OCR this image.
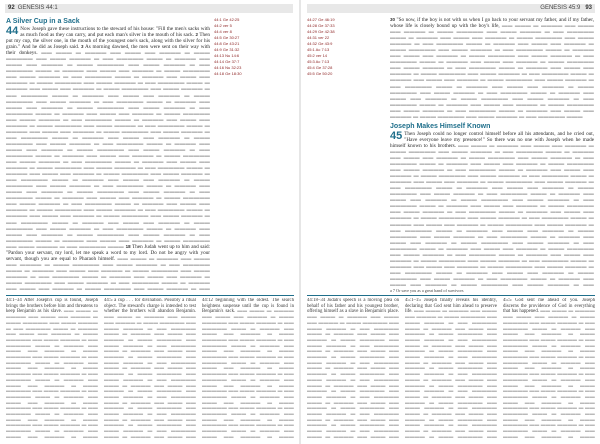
92 GENESIS 44:1
A Silver Cup in a Sack
44 Now Joseph gave these instructions to the steward of his house: "Fill the men's sacks with as much food as they can carry, and put each man's silver in the mouth of his sack. 2 Then put my cup, the silver one, in the mouth of the youngest one's sack, along with the silver for his grain." And he did as Joseph said. 3 As morning dawned, the men were sent on their way with their donkeys. ▬▬ ▬▬▬ ▬ ▬▬▬▬ ▬▬ ▬▬▬ ▬▬ ▬▬▬▬ ▬ ▬▬▬ ▬▬▬▬▬ ▬▬ ▬▬▬ ▬▬▬▬ ▬ ▬▬ ▬▬▬▬▬ ▬▬▬ ▬ ▬▬▬▬ ▬▬ ▬▬▬ ▬▬ ▬▬▬▬ ▬ ▬▬▬ ▬▬▬▬▬ ▬▬ ▬▬▬ ▬▬▬▬ ▬ ▬▬ ▬▬▬▬▬ ▬▬▬ ▬ ▬▬▬▬ ▬▬ ▬▬▬ ▬▬ ▬▬▬▬ ▬ ▬▬▬ ▬▬▬▬▬ ▬▬ ▬▬▬ ▬▬▬▬ ▬ ▬▬ ▬▬▬▬▬ ▬▬▬ ▬ ▬▬▬▬ ▬▬ ▬▬▬ ▬▬ ▬▬▬▬ ▬ ▬▬▬ ▬▬▬▬▬ ▬▬ ▬▬▬ ▬▬▬▬ ▬ ▬▬ ▬▬▬▬▬ ▬▬▬ ▬ ▬▬▬▬ ▬▬ ▬▬▬ ▬▬ ▬▬▬▬ ▬ ▬▬▬ ▬▬▬▬▬ ▬▬ ▬▬▬ ▬▬▬▬ ▬ ▬▬ ▬▬▬▬▬ ▬▬▬ ▬ ▬▬▬▬ ▬▬ ▬▬▬ ▬▬ ▬▬▬▬ ▬ ▬▬▬ ▬▬▬▬▬ ▬▬ ▬▬▬ ▬▬▬▬ ▬ ▬▬ ▬▬▬▬▬ ▬▬▬ ▬ ▬▬▬▬ ▬▬ ▬▬▬ ▬▬ ▬▬▬▬ ▬ ▬▬▬ ▬▬▬▬▬ ▬▬ ▬▬▬ ▬▬▬▬ ▬ ▬▬ ▬▬▬▬▬ ▬▬▬ ▬ ▬▬▬▬ ▬▬ ▬▬▬ ▬▬ ▬▬▬▬ ▬ ▬▬▬ ▬▬▬▬▬ ▬▬ ▬▬▬ ▬▬▬▬ ▬ ▬▬ ▬▬▬▬▬ ▬▬▬ ▬ ▬▬▬▬ ▬▬ ▬▬▬ ▬▬ ▬▬▬▬ ▬ ▬▬▬ ▬▬▬▬▬ ▬▬ ▬▬▬ ▬▬▬▬ ▬ ▬▬ ▬▬▬▬▬ ▬▬▬ ▬ ▬▬▬▬ ▬▬ ▬▬▬ ▬▬ ▬▬▬▬ ▬ ▬▬▬ ▬▬▬▬▬ ▬▬ ▬▬▬ ▬▬▬▬ ▬ ▬▬ ▬▬▬▬▬ ▬▬▬ ▬ ▬▬▬▬ ▬▬ ▬▬▬ ▬▬ ▬▬▬▬ ▬ ▬▬▬ ▬▬▬▬▬ ▬▬ ▬▬▬ ▬▬▬▬ ▬ ▬▬ ▬▬▬▬▬ ▬▬▬ ▬ ▬▬▬▬ ▬▬ ▬▬▬ ▬▬ ▬▬▬▬ ▬ ▬▬▬ ▬▬▬▬▬ ▬▬ ▬▬▬ ▬▬▬▬ ▬ ▬▬ ▬▬▬▬▬ ▬▬▬ ▬ ▬▬▬▬ ▬▬ ▬▬▬ ▬▬ ▬▬▬▬ ▬ ▬▬▬ ▬▬▬▬▬ ▬▬ ▬▬▬ ▬▬▬▬ ▬ ▬▬ ▬▬▬▬▬ ▬▬▬ ▬ ▬▬▬▬ ▬▬ ▬▬▬ ▬▬ ▬▬▬▬ ▬ ▬▬▬ ▬▬▬▬▬ ▬▬ ▬▬▬ ▬▬▬▬ ▬ ▬▬ ▬▬▬▬▬ ▬▬▬ ▬ ▬▬▬▬ ▬▬ ▬▬▬ ▬▬ ▬▬▬▬ ▬ ▬▬▬ ▬▬▬▬▬ ▬▬ ▬▬▬ ▬▬▬▬ ▬ ▬▬ ▬▬▬▬▬ ▬▬▬ ▬ ▬▬▬▬ ▬▬ ▬▬▬ ▬▬ ▬▬▬▬ ▬ ▬▬▬ ▬▬▬▬▬ ▬▬ ▬▬▬ ▬▬▬▬ ▬ ▬▬ ▬▬▬▬▬ ▬▬▬ ▬ ▬▬▬▬ ▬▬ ▬▬▬ ▬▬ ▬▬▬▬ ▬ ▬▬▬ ▬▬▬▬▬ ▬▬ ▬▬▬ ▬▬▬▬ ▬ ▬▬ ▬▬▬▬▬ ▬▬▬ ▬ ▬▬▬▬ ▬▬ ▬▬▬ ▬▬ ▬▬▬▬ ▬ ▬▬▬ ▬▬▬▬▬ ▬▬ ▬▬▬ ▬▬▬▬ ▬ ▬▬ ▬▬▬▬▬ ▬▬▬ ▬ ▬▬▬▬ ▬▬ ▬▬▬ ▬▬ ▬▬▬▬ ▬ ▬▬▬ ▬▬▬▬▬ ▬▬ ▬▬▬ ▬▬▬▬ ▬ ▬▬ ▬▬▬▬▬ ▬▬▬ ▬ ▬▬▬▬ ▬▬ ▬▬▬ ▬▬ ▬▬▬▬ ▬ ▬▬▬ ▬▬▬▬▬ ▬▬ ▬▬▬ ▬▬▬▬ ▬ ▬▬ ▬▬▬▬▬ ▬▬▬ ▬ ▬▬▬▬ ▬▬ ▬▬▬ ▬▬ ▬▬▬▬ ▬ ▬▬▬ ▬▬▬▬▬ ▬▬ ▬▬▬ ▬▬▬▬ ▬ ▬▬ ▬▬▬▬▬ ▬▬▬ ▬ ▬▬▬▬ ▬▬ ▬▬▬ ▬▬ ▬▬▬▬ ▬ ▬▬▬ ▬▬▬▬▬ ▬▬ ▬▬▬ ▬▬▬▬ ▬ ▬▬ ▬▬▬▬▬ ▬▬▬ ▬ ▬▬▬▬ ▬▬ ▬▬▬ ▬▬ ▬▬▬▬ ▬ ▬▬▬ ▬▬▬▬▬ ▬▬ ▬▬▬ ▬▬▬▬ ▬ ▬▬ ▬▬▬▬▬ ▬▬▬ 18 Then Judah went up to him and said: "Pardon your servant, my lord, let me speak a word to my lord. Do not be angry with your servant, though you are equal to Pharaoh himself. ▬▬ ▬▬▬ ▬ ▬▬▬▬ ▬▬ ▬▬▬ ▬▬ ▬▬▬▬ ▬ ▬▬▬ ▬▬▬▬▬ ▬▬ ▬▬▬ ▬▬▬▬ ▬ ▬▬ ▬▬▬▬▬ ▬▬▬ ▬ ▬▬▬▬ ▬▬ ▬▬▬ ▬▬ ▬▬▬▬ ▬ ▬▬▬ ▬▬▬▬▬ ▬▬ ▬▬▬ ▬▬▬▬ ▬ ▬▬ ▬▬▬▬▬ ▬▬▬ ▬ ▬▬▬▬ ▬▬ ▬▬▬ ▬▬ ▬▬▬▬ ▬ ▬▬▬ ▬▬▬▬▬ ▬▬ ▬▬▬ ▬▬▬▬ ▬ ▬▬ ▬▬▬▬▬ ▬▬▬ ▬ ▬▬▬▬ ▬▬ ▬▬▬ ▬▬ ▬▬▬▬ ▬ ▬▬▬ ▬▬▬▬▬ ▬▬ ▬▬▬ ▬▬▬▬ ▬ ▬▬
44:1 Ge 42:25
44:2 ver 5
44:4 ver 8
44:5 Ge 30:27
44:8 Ge 43:21
44:9 Ge 31:32
44:13 Nu 14:6
44:14 Ge 37:7
44:16 Nu 32:23
44:18 Ge 18:30
44:1–34 After Joseph's cup is found, Joseph brings the brothers before him and threatens to keep Benjamin as his slave. ▬▬ ▬▬▬ ▬ ▬▬▬▬ ▬▬ ▬▬▬ ▬▬ ▬▬▬▬ ▬ ▬▬▬ ▬▬▬▬▬ ▬▬ ▬▬▬ ▬▬▬▬ ▬ ▬▬ ▬▬▬▬▬ ▬▬▬ ▬ ▬▬▬▬ ▬▬ ▬▬▬ ▬▬ ▬▬▬▬ ▬ ▬▬▬ ▬▬▬▬▬ ▬▬ ▬▬▬ ▬▬▬▬ ▬ ▬▬ ▬▬▬▬▬ ▬▬▬ ▬ ▬▬▬▬ ▬▬ ▬▬▬ ▬▬ ▬▬▬▬ ▬ ▬▬▬ ▬▬▬▬▬ ▬▬ ▬▬▬ ▬▬▬▬ ▬ ▬▬ ▬▬▬▬▬ ▬▬▬ ▬ ▬▬▬▬ ▬▬ ▬▬▬ ▬▬ ▬▬▬▬ ▬ ▬▬▬ ▬▬▬▬▬ ▬▬ ▬▬▬ ▬▬▬▬ ▬ ▬▬ ▬▬▬▬▬ ▬▬▬ ▬ ▬▬▬▬ ▬▬ ▬▬▬ ▬▬ ▬▬▬▬ ▬ ▬▬▬ ▬▬▬▬▬ ▬▬ ▬▬▬ ▬▬▬▬ ▬ ▬▬ ▬▬▬▬▬ ▬▬▬ ▬ ▬▬▬▬ ▬▬ ▬▬▬ ▬▬ ▬▬▬▬ ▬ ▬▬▬ ▬▬▬▬▬ ▬▬ ▬▬▬ ▬▬▬▬ ▬ ▬▬ ▬▬▬▬▬ ▬▬▬ ▬ ▬▬▬▬ ▬▬ ▬▬▬ ▬▬ ▬▬▬▬ ▬ ▬▬▬ ▬▬▬▬▬ ▬▬ ▬▬▬ ▬▬▬▬ ▬ ▬▬ ▬▬▬▬▬ ▬▬▬ ▬ ▬▬▬▬ ▬▬ ▬▬▬ ▬▬ ▬▬▬▬ ▬ ▬▬▬
44:5 a cup . . . for divination. Possibly a ritual object. The steward's charge is intended to test whether the brothers will abandon Benjamin. ▬▬ ▬▬▬ ▬ ▬▬▬▬ ▬▬ ▬▬▬ ▬▬ ▬▬▬▬ ▬ ▬▬▬ ▬▬▬▬▬ ▬▬ ▬▬▬ ▬▬▬▬ ▬ ▬▬ ▬▬▬▬▬ ▬▬▬ ▬ ▬▬▬▬ ▬▬ ▬▬▬ ▬▬ ▬▬▬▬ ▬ ▬▬▬ ▬▬▬▬▬ ▬▬ ▬▬▬ ▬▬▬▬ ▬ ▬▬ ▬▬▬▬▬ ▬▬▬ ▬ ▬▬▬▬ ▬▬ ▬▬▬ ▬▬ ▬▬▬▬ ▬ ▬▬▬ ▬▬▬▬▬ ▬▬ ▬▬▬ ▬▬▬▬ ▬ ▬▬ ▬▬▬▬▬ ▬▬▬ ▬ ▬▬▬▬ ▬▬ ▬▬▬ ▬▬ ▬▬▬▬ ▬ ▬▬▬ ▬▬▬▬▬ ▬▬ ▬▬▬ ▬▬▬▬ ▬ ▬▬ ▬▬▬▬▬ ▬▬▬ ▬ ▬▬▬▬ ▬▬ ▬▬▬ ▬▬ ▬▬▬▬ ▬ ▬▬▬ ▬▬▬▬▬ ▬▬ ▬▬▬ ▬▬▬▬ ▬ ▬▬ ▬▬▬▬▬ ▬▬▬ ▬ ▬▬▬▬ ▬▬ ▬▬▬ ▬▬ ▬▬▬▬ ▬ ▬▬▬ ▬▬▬▬▬ ▬▬ ▬▬▬ ▬▬▬▬ ▬ ▬▬ ▬▬▬▬▬ ▬▬▬ ▬ ▬▬▬▬ ▬▬ ▬▬▬ ▬▬ ▬▬▬▬ ▬ ▬▬▬ ▬▬▬▬▬ ▬▬ ▬▬▬ ▬▬▬▬ ▬ ▬▬ ▬▬▬▬▬ ▬▬▬ ▬ ▬▬▬▬ ▬▬ ▬▬▬ ▬▬
44:12 beginning with the oldest. The search heightens suspense until the cup is found in Benjamin's sack. ▬▬ ▬▬▬ ▬ ▬▬▬▬ ▬▬ ▬▬▬ ▬▬ ▬▬▬▬ ▬ ▬▬▬ ▬▬▬▬▬ ▬▬ ▬▬▬ ▬▬▬▬ ▬ ▬▬ ▬▬▬▬▬ ▬▬▬ ▬ ▬▬▬▬ ▬▬ ▬▬▬ ▬▬ ▬▬▬▬ ▬ ▬▬▬ ▬▬▬▬▬ ▬▬ ▬▬▬ ▬▬▬▬ ▬ ▬▬ ▬▬▬▬▬ ▬▬▬ ▬ ▬▬▬▬ ▬▬ ▬▬▬ ▬▬ ▬▬▬▬ ▬ ▬▬▬ ▬▬▬▬▬ ▬▬ ▬▬▬ ▬▬▬▬ ▬ ▬▬ ▬▬▬▬▬ ▬▬▬ ▬ ▬▬▬▬ ▬▬ ▬▬▬ ▬▬ ▬▬▬▬ ▬ ▬▬▬ ▬▬▬▬▬ ▬▬ ▬▬▬ ▬▬▬▬ ▬ ▬▬ ▬▬▬▬▬ ▬▬▬ ▬ ▬▬▬▬ ▬▬ ▬▬▬ ▬▬ ▬▬▬▬ ▬ ▬▬▬ ▬▬▬▬▬ ▬▬ ▬▬▬ ▬▬▬▬ ▬ ▬▬ ▬▬▬▬▬ ▬▬▬ ▬ ▬▬▬▬ ▬▬ ▬▬▬ ▬▬ ▬▬▬▬ ▬ ▬▬▬ ▬▬▬▬▬ ▬▬ ▬▬▬ ▬▬▬▬ ▬ ▬▬ ▬▬▬▬▬ ▬▬▬ ▬ ▬▬▬▬ ▬▬ ▬▬▬ ▬▬ ▬▬▬▬ ▬ ▬▬▬ ▬▬▬▬▬ ▬▬ ▬▬▬ ▬▬▬▬ ▬ ▬▬ ▬▬▬▬▬ ▬▬▬ ▬ ▬▬▬▬ ▬▬ ▬▬▬ ▬▬ ▬▬▬▬ ▬ ▬▬▬
93
GENESIS 45:9
44:27 Ge 46:19
44:28 Ge 37:33
44:29 Ge 42:38
44:31 ver 22
44:32 Ge 43:9
45:1 Ac 7:13
45:2 ver 14
45:3 Ac 7:13
45:4 Ge 37:28
45:5 Ge 50:20
30 "So now, if the boy is not with us when I go back to your servant my father, and if my father, whose life is closely bound up with the boy's life, ▬▬ ▬▬▬ ▬ ▬▬▬▬ ▬▬ ▬▬▬ ▬▬ ▬▬▬▬ ▬ ▬▬▬ ▬▬▬▬▬ ▬▬ ▬▬▬ ▬▬▬▬ ▬ ▬▬ ▬▬▬▬▬ ▬▬▬ ▬ ▬▬▬▬ ▬▬ ▬▬▬ ▬▬ ▬▬▬▬ ▬ ▬▬▬ ▬▬▬▬▬ ▬▬ ▬▬▬ ▬▬▬▬ ▬ ▬▬ ▬▬▬▬▬ ▬▬▬ ▬ ▬▬▬▬ ▬▬ ▬▬▬ ▬▬ ▬▬▬▬ ▬ ▬▬▬ ▬▬▬▬▬ ▬▬ ▬▬▬ ▬▬▬▬ ▬ ▬▬ ▬▬▬▬▬ ▬▬▬ ▬ ▬▬▬▬ ▬▬ ▬▬▬ ▬▬ ▬▬▬▬ ▬ ▬▬▬ ▬▬▬▬▬ ▬▬ ▬▬▬ ▬▬▬▬ ▬ ▬▬ ▬▬▬▬▬ ▬▬▬ ▬ ▬▬▬▬ ▬▬ ▬▬▬ ▬▬ ▬▬▬▬ ▬ ▬▬▬ ▬▬▬▬▬ ▬▬ ▬▬▬ ▬▬▬▬ ▬ ▬▬ ▬▬▬▬▬ ▬▬▬ ▬ ▬▬▬▬ ▬▬ ▬▬▬ ▬▬ ▬▬▬▬ ▬ ▬▬▬ ▬▬▬▬▬ ▬▬ ▬▬▬ ▬▬▬▬ ▬ ▬▬ ▬▬▬▬▬ ▬▬▬ ▬ ▬▬▬▬ ▬▬ ▬▬▬ ▬▬ ▬▬▬▬ ▬ ▬▬▬ ▬▬▬▬▬ ▬▬ ▬▬▬ ▬▬▬▬ ▬ ▬▬ ▬▬▬▬▬ ▬▬▬ ▬ ▬▬▬▬ ▬▬ ▬▬▬ ▬▬ ▬▬▬▬ ▬ ▬▬▬ ▬▬▬▬▬ ▬▬ ▬▬▬ ▬▬▬▬ ▬ ▬▬ ▬▬▬▬▬ ▬▬▬ ▬ ▬▬▬▬ ▬▬ ▬▬▬ ▬▬ ▬▬▬▬ ▬ ▬▬▬ ▬▬▬▬▬ ▬▬ ▬▬▬ ▬▬▬▬ ▬ ▬▬ ▬▬▬▬▬ ▬▬▬ ▬ ▬▬▬▬ ▬▬ ▬▬▬ ▬▬ ▬▬▬▬ ▬ ▬▬▬ ▬▬▬▬▬ ▬▬ ▬▬▬ ▬▬▬▬ ▬ ▬▬ ▬▬▬▬▬ ▬▬▬ ▬ ▬▬▬▬ ▬▬ ▬▬▬ ▬▬ ▬▬▬▬ ▬ ▬▬▬ ▬▬▬▬▬ ▬▬ ▬▬▬ ▬▬▬▬ ▬ ▬▬ ▬▬▬▬▬ ▬▬▬
Joseph Makes Himself Known
45 Then Joseph could no longer control himself before all his attendants, and he cried out, "Have everyone leave my presence!" So there was no one with Joseph when he made himself known to his brothers. ▬▬ ▬▬▬ ▬ ▬▬▬▬ ▬▬ ▬▬▬ ▬▬ ▬▬▬▬ ▬ ▬▬▬ ▬▬▬▬▬ ▬▬ ▬▬▬ ▬▬▬▬ ▬ ▬▬ ▬▬▬▬▬ ▬▬▬ ▬ ▬▬▬▬ ▬▬ ▬▬▬ ▬▬ ▬▬▬▬ ▬ ▬▬▬ ▬▬▬▬▬ ▬▬ ▬▬▬ ▬▬▬▬ ▬ ▬▬ ▬▬▬▬▬ ▬▬▬ ▬ ▬▬▬▬ ▬▬ ▬▬▬ ▬▬ ▬▬▬▬ ▬ ▬▬▬ ▬▬▬▬▬ ▬▬ ▬▬▬ ▬▬▬▬ ▬ ▬▬ ▬▬▬▬▬ ▬▬▬ ▬ ▬▬▬▬ ▬▬ ▬▬▬ ▬▬ ▬▬▬▬ ▬ ▬▬▬ ▬▬▬▬▬ ▬▬ ▬▬▬ ▬▬▬▬ ▬ ▬▬ ▬▬▬▬▬ ▬▬▬ ▬ ▬▬▬▬ ▬▬ ▬▬▬ ▬▬ ▬▬▬▬ ▬ ▬▬▬ ▬▬▬▬▬ ▬▬ ▬▬▬ ▬▬▬▬ ▬ ▬▬ ▬▬▬▬▬ ▬▬▬ ▬ ▬▬▬▬ ▬▬ ▬▬▬ ▬▬ ▬▬▬▬ ▬ ▬▬▬ ▬▬▬▬▬ ▬▬ ▬▬▬ ▬▬▬▬ ▬ ▬▬ ▬▬▬▬▬ ▬▬▬ ▬ ▬▬▬▬ ▬▬ ▬▬▬ ▬▬ ▬▬▬▬ ▬ ▬▬▬ ▬▬▬▬▬ ▬▬ ▬▬▬ ▬▬▬▬ ▬ ▬▬ ▬▬▬▬▬ ▬▬▬ ▬ ▬▬▬▬ ▬▬ ▬▬▬ ▬▬ ▬▬▬▬ ▬ ▬▬▬ ▬▬▬▬▬ ▬▬ ▬▬▬ ▬▬▬▬ ▬ ▬▬ ▬▬▬▬▬ ▬▬▬ ▬ ▬▬▬▬ ▬▬ ▬▬▬ ▬▬ ▬▬▬▬ ▬ ▬▬▬ ▬▬▬▬▬ ▬▬ ▬▬▬ ▬▬▬▬ ▬ ▬▬ ▬▬▬▬▬ ▬▬▬ ▬ ▬▬▬▬ ▬▬ ▬▬▬ ▬▬ ▬▬▬▬ ▬ ▬▬▬ ▬▬▬▬▬ ▬▬ ▬▬▬ ▬▬▬▬ ▬ ▬▬ ▬▬▬▬▬ ▬▬▬ ▬ ▬▬▬▬ ▬▬ ▬▬▬ ▬▬ ▬▬▬▬ ▬ ▬▬▬ ▬▬▬▬▬ ▬▬ ▬▬▬ ▬▬▬▬ ▬ ▬▬ ▬▬▬▬▬ ▬▬▬ ▬ ▬▬▬▬ ▬▬ ▬▬▬ ▬▬ ▬▬▬▬ ▬ ▬▬▬ ▬▬▬▬▬ ▬▬ ▬▬▬ ▬▬▬▬ ▬ ▬▬ ▬▬▬▬▬ ▬▬▬ ▬ ▬▬▬▬ ▬▬ ▬▬▬ ▬▬ ▬▬▬▬ ▬ ▬▬▬ ▬▬▬▬▬ ▬▬ ▬▬▬ ▬▬▬▬ ▬ ▬▬ ▬▬▬▬▬ ▬▬▬ ▬ ▬▬▬▬ ▬▬ ▬▬▬ ▬▬ ▬▬▬▬ ▬ ▬▬▬ ▬▬▬▬▬ ▬▬ ▬▬▬ ▬▬▬▬ ▬ ▬▬ ▬▬▬▬▬ ▬▬▬ ▬ ▬▬▬▬ ▬▬ ▬▬▬ ▬▬ ▬▬▬▬ ▬ ▬▬▬ ▬▬▬▬▬ ▬▬ ▬▬▬ ▬▬▬▬ ▬ ▬▬ ▬▬▬▬▬ ▬▬▬ ▬ ▬▬▬▬ ▬▬ ▬▬▬ ▬▬ ▬▬▬▬ ▬ ▬▬▬ ▬▬▬▬▬ ▬▬ ▬▬▬ ▬▬▬▬ ▬ ▬▬ ▬▬▬▬▬ ▬▬▬ ▬ ▬▬▬▬ ▬▬ ▬▬▬ ▬▬ ▬▬▬▬ ▬ ▬▬▬ ▬▬▬▬▬ ▬▬ ▬▬▬ ▬▬▬▬ ▬ ▬▬
a 7 Or save you as a great band of survivors
44:18–34 Judah's speech is a moving plea on behalf of his father and his youngest brother, offering himself as a slave in Benjamin's place. ▬▬ ▬▬▬ ▬ ▬▬▬▬ ▬▬ ▬▬▬ ▬▬ ▬▬▬▬ ▬ ▬▬▬ ▬▬▬▬▬ ▬▬ ▬▬▬ ▬▬▬▬ ▬ ▬▬ ▬▬▬▬▬ ▬▬▬ ▬ ▬▬▬▬ ▬▬ ▬▬▬ ▬▬ ▬▬▬▬ ▬ ▬▬▬ ▬▬▬▬▬ ▬▬ ▬▬▬ ▬▬▬▬ ▬ ▬▬ ▬▬▬▬▬ ▬▬▬ ▬ ▬▬▬▬ ▬▬ ▬▬▬ ▬▬ ▬▬▬▬ ▬ ▬▬▬ ▬▬▬▬▬ ▬▬ ▬▬▬ ▬▬▬▬ ▬ ▬▬ ▬▬▬▬▬ ▬▬▬ ▬ ▬▬▬▬ ▬▬ ▬▬▬ ▬▬ ▬▬▬▬ ▬ ▬▬▬ ▬▬▬▬▬ ▬▬ ▬▬▬ ▬▬▬▬ ▬ ▬▬ ▬▬▬▬▬ ▬▬▬ ▬ ▬▬▬▬ ▬▬ ▬▬▬ ▬▬ ▬▬▬▬ ▬ ▬▬▬ ▬▬▬▬▬ ▬▬ ▬▬▬ ▬▬▬▬ ▬ ▬▬ ▬▬▬▬▬ ▬▬▬ ▬ ▬▬▬▬ ▬▬ ▬▬▬ ▬▬ ▬▬▬▬ ▬ ▬▬▬ ▬▬▬▬▬ ▬▬ ▬▬▬ ▬▬▬▬ ▬ ▬▬ ▬▬▬▬▬ ▬▬▬ ▬ ▬▬▬▬ ▬▬ ▬▬▬ ▬▬ ▬▬▬▬ ▬ ▬▬▬ ▬▬▬▬▬ ▬▬ ▬▬▬ ▬▬▬▬ ▬ ▬▬ ▬▬▬▬▬ ▬▬▬ ▬ ▬▬▬▬ ▬▬ ▬▬▬ ▬▬
45:1–15 Joseph finally reveals his identity, declaring that God sent him ahead to preserve life. ▬▬ ▬▬▬ ▬ ▬▬▬▬ ▬▬ ▬▬▬ ▬▬ ▬▬▬▬ ▬ ▬▬▬ ▬▬▬▬▬ ▬▬ ▬▬▬ ▬▬▬▬ ▬ ▬▬ ▬▬▬▬▬ ▬▬▬ ▬ ▬▬▬▬ ▬▬ ▬▬▬ ▬▬ ▬▬▬▬ ▬ ▬▬▬ ▬▬▬▬▬ ▬▬ ▬▬▬ ▬▬▬▬ ▬ ▬▬ ▬▬▬▬▬ ▬▬▬ ▬ ▬▬▬▬ ▬▬ ▬▬▬ ▬▬ ▬▬▬▬ ▬ ▬▬▬ ▬▬▬▬▬ ▬▬ ▬▬▬ ▬▬▬▬ ▬ ▬▬ ▬▬▬▬▬ ▬▬▬ ▬ ▬▬▬▬ ▬▬ ▬▬▬ ▬▬ ▬▬▬▬ ▬ ▬▬▬ ▬▬▬▬▬ ▬▬ ▬▬▬ ▬▬▬▬ ▬ ▬▬ ▬▬▬▬▬ ▬▬▬ ▬ ▬▬▬▬ ▬▬ ▬▬▬ ▬▬ ▬▬▬▬ ▬ ▬▬▬ ▬▬▬▬▬ ▬▬ ▬▬▬ ▬▬▬▬ ▬ ▬▬ ▬▬▬▬▬ ▬▬▬ ▬ ▬▬▬▬ ▬▬ ▬▬▬ ▬▬ ▬▬▬▬ ▬ ▬▬▬ ▬▬▬▬▬ ▬▬ ▬▬▬ ▬▬▬▬ ▬ ▬▬ ▬▬▬▬▬ ▬▬▬ ▬ ▬▬▬▬ ▬▬ ▬▬▬ ▬▬ ▬▬▬▬ ▬ ▬▬▬ ▬▬▬▬▬ ▬▬ ▬▬▬ ▬▬▬▬ ▬ ▬▬ ▬▬▬▬▬ ▬▬▬ ▬ ▬▬▬▬ ▬▬ ▬▬▬ ▬▬ ▬▬▬▬ ▬ ▬▬▬ ▬▬▬▬▬ ▬▬
45:5 God sent me ahead of you. Joseph discerns the providence of God in everything that has happened. ▬▬ ▬▬▬ ▬ ▬▬▬▬ ▬▬ ▬▬▬ ▬▬ ▬▬▬▬ ▬ ▬▬▬ ▬▬▬▬▬ ▬▬ ▬▬▬ ▬▬▬▬ ▬ ▬▬ ▬▬▬▬▬ ▬▬▬ ▬ ▬▬▬▬ ▬▬ ▬▬▬ ▬▬ ▬▬▬▬ ▬ ▬▬▬ ▬▬▬▬▬ ▬▬ ▬▬▬ ▬▬▬▬ ▬ ▬▬ ▬▬▬▬▬ ▬▬▬ ▬ ▬▬▬▬ ▬▬ ▬▬▬ ▬▬ ▬▬▬▬ ▬ ▬▬▬ ▬▬▬▬▬ ▬▬ ▬▬▬ ▬▬▬▬ ▬ ▬▬ ▬▬▬▬▬ ▬▬▬ ▬ ▬▬▬▬ ▬▬ ▬▬▬ ▬▬ ▬▬▬▬ ▬ ▬▬▬ ▬▬▬▬▬ ▬▬ ▬▬▬ ▬▬▬▬ ▬ ▬▬ ▬▬▬▬▬ ▬▬▬ ▬ ▬▬▬▬ ▬▬ ▬▬▬ ▬▬ ▬▬▬▬ ▬ ▬▬▬ ▬▬▬▬▬ ▬▬ ▬▬▬ ▬▬▬▬ ▬ ▬▬ ▬▬▬▬▬ ▬▬▬ ▬ ▬▬▬▬ ▬▬ ▬▬▬ ▬▬ ▬▬▬▬ ▬ ▬▬▬ ▬▬▬▬▬ ▬▬ ▬▬▬ ▬▬▬▬ ▬ ▬▬ ▬▬▬▬▬ ▬▬▬ ▬ ▬▬▬▬ ▬▬ ▬▬▬ ▬▬ ▬▬▬▬ ▬ ▬▬▬ ▬▬▬▬▬ ▬▬ ▬▬▬ ▬▬▬▬ ▬ ▬▬ ▬▬▬▬▬ ▬▬▬ ▬ ▬▬▬▬ ▬▬ ▬▬▬ ▬▬ ▬▬▬▬ ▬ ▬▬▬
